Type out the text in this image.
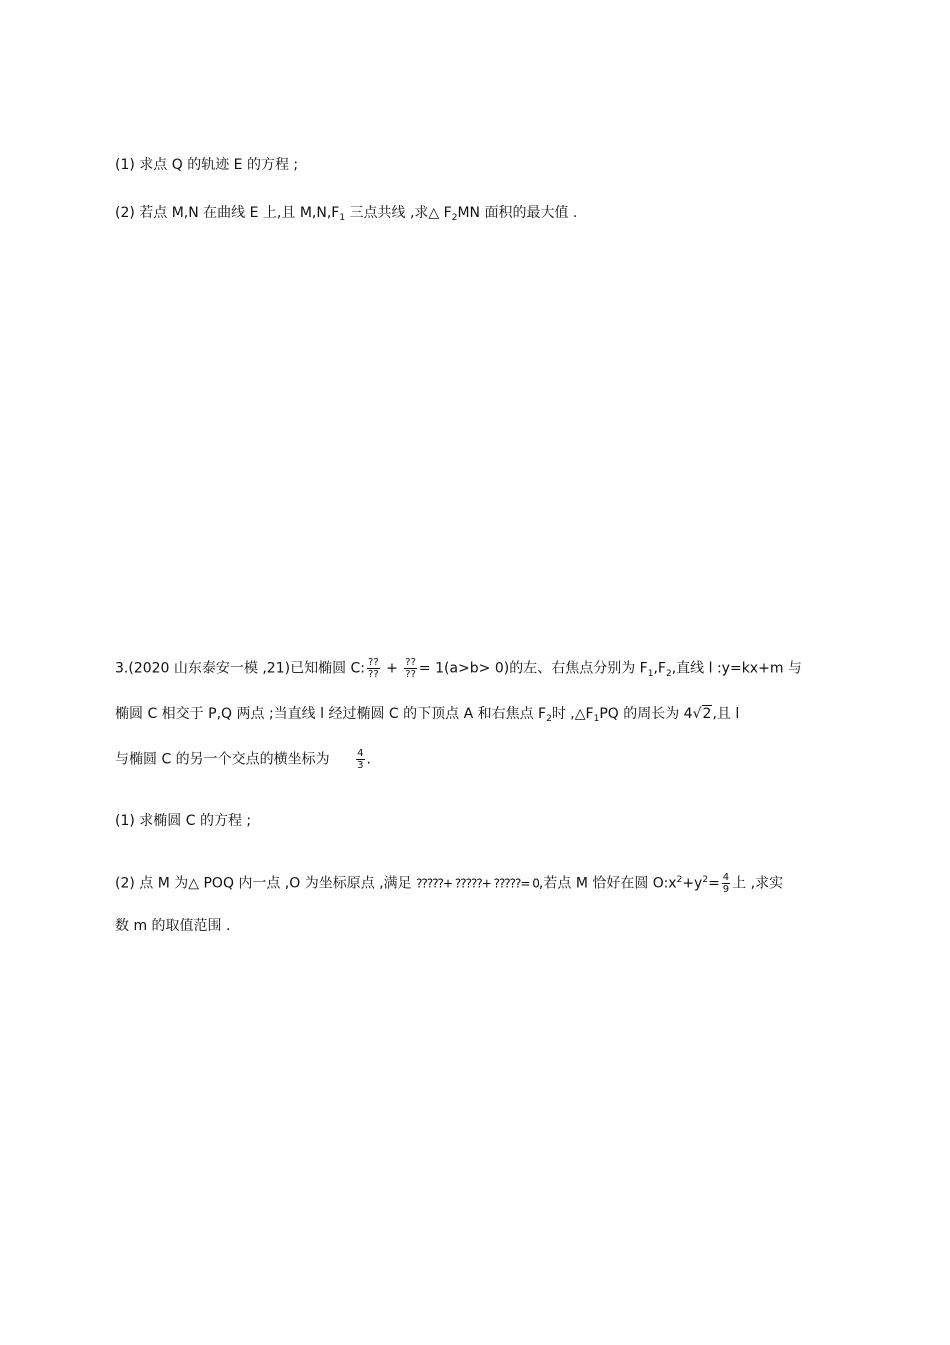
(1) 求点 Q 的轨迹 E 的方程 ;
(2) 若点 M,N 在曲线 E 上,且 $M,N,F_1$ 三点共线 ,求△ $F_2MN$ 面积的最大值 .
3.(2020 山东泰安一模 ,21)已知椭圆 C: $\frac{??}{??} + \frac{??}{??} = 1(a>b> 0)$的左、右焦点分别为 $F_1,F_2$,直线 l :y=kx+m 与
椭圆 C 相交于 P,Q 两点 ;当直线 l 经过椭圆 C 的下顶点 A 和右焦点 $F_2$时 $,\triangle F_1PQ$ 的周长为 4√2,且 l
与椭圆 C 的另一个交点的横坐标为	$\frac{4}{3}$ .
(1) 求椭圆 C 的方程 ;
(2) 点 M 为△ POQ 内一点 ,O 为坐标原点 ,满足 ?????+ ?????+ ?????= 0,若点 M 恰好在圆 $O:x^2+y^2= \frac{4}{9}$ 上 ,求实
数 m 的取值范围 .
